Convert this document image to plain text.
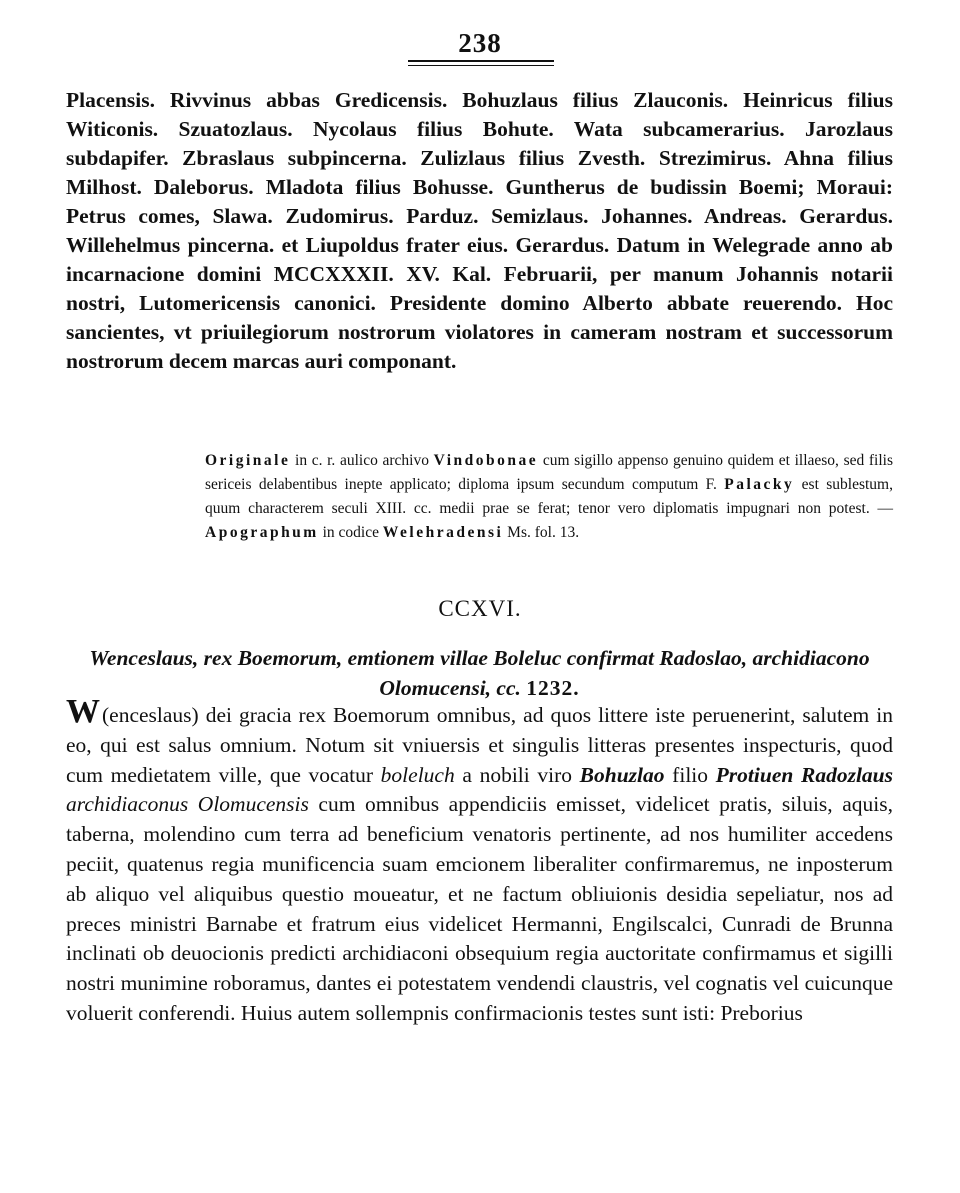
238

Placensis. Rivvinus abbas Gredicensis. Bohuzlaus filius Zlauconis. Heinricus filius Witiconis. Szuatozlaus. Nycolaus filius Bohute. Wata subcamerarius. Jarozlaus subdapifer. Zbraslaus subpincerna. Zulizlaus filius Zvesth. Strezimirus. Ahna filius Milhost. Daleborus. Mladota filius Bohusse. Guntherus de budissin Boemi; Moraui: Petrus comes, Slawa. Zudomirus. Parduz. Semizlaus. Johannes. Andreas. Gerardus. Willehelmus pincerna. et Liupoldus frater eius. Gerardus. Datum in Welegrade anno ab incarnacione domini MCCXXXII. XV. Kal. Februarii, per manum Johannis notarii nostri, Lutomericensis canonici. Presidente domino Alberto abbate reuerendo. Hoc sancientes, vt priuilegiorum nostrorum violatores in cameram nostram et successorum nostrorum decem marcas auri componant.

Originale in c. r. aulico archivo Vindobonae cum sigillo appenso genuino quidem et illaeso, sed filis sericeis delabentibus inepte applicato; diploma ipsum secundum computum F. Palacky est sublestum, quum characterem seculi XIII. cc. medii prae se ferat; tenor vero diplomatis impugnari non potest. — Apographum in codice Welehradensi Ms. fol. 13.

CCXVI.

Wenceslaus, rex Boemorum, emtionem villae Boleluc confirmat Radoslao, archidiacono Olomucensi, cc. 1232.

W(enceslaus) dei gracia rex Boemorum omnibus, ad quos littere iste peruenerint, salutem in eo, qui est salus omnium. Notum sit vniuersis et singulis litteras presentes inspecturis, quod cum medietatem ville, que vocatur boleluch a nobili viro Bohuzlao filio Protiuen Radozlaus archidiaconus Olomucensis cum omnibus appendiciis emisset, videlicet pratis, siluis, aquis, taberna, molendino cum terra ad beneficium venatoris pertinente, ad nos humiliter accedens peciit, quatenus regia munificencia suam emcionem liberaliter confirmaremus, ne inposterum ab aliquo vel aliquibus questio moueatur, et ne factum obliuionis desidia sepeliatur, nos ad preces ministri Barnabe et fratrum eius videlicet Hermanni, Engilscalci, Cunradi de Brunna inclinati ob deuocionis predicti archidiaconi obsequium regia auctoritate confirmamus et sigilli nostri munimine roboramus, dantes ei potestatem vendendi claustris, vel cognatis vel cuicunque voluerit conferendi. Huius autem sollempnis confirmacionis testes sunt isti: Preborius
